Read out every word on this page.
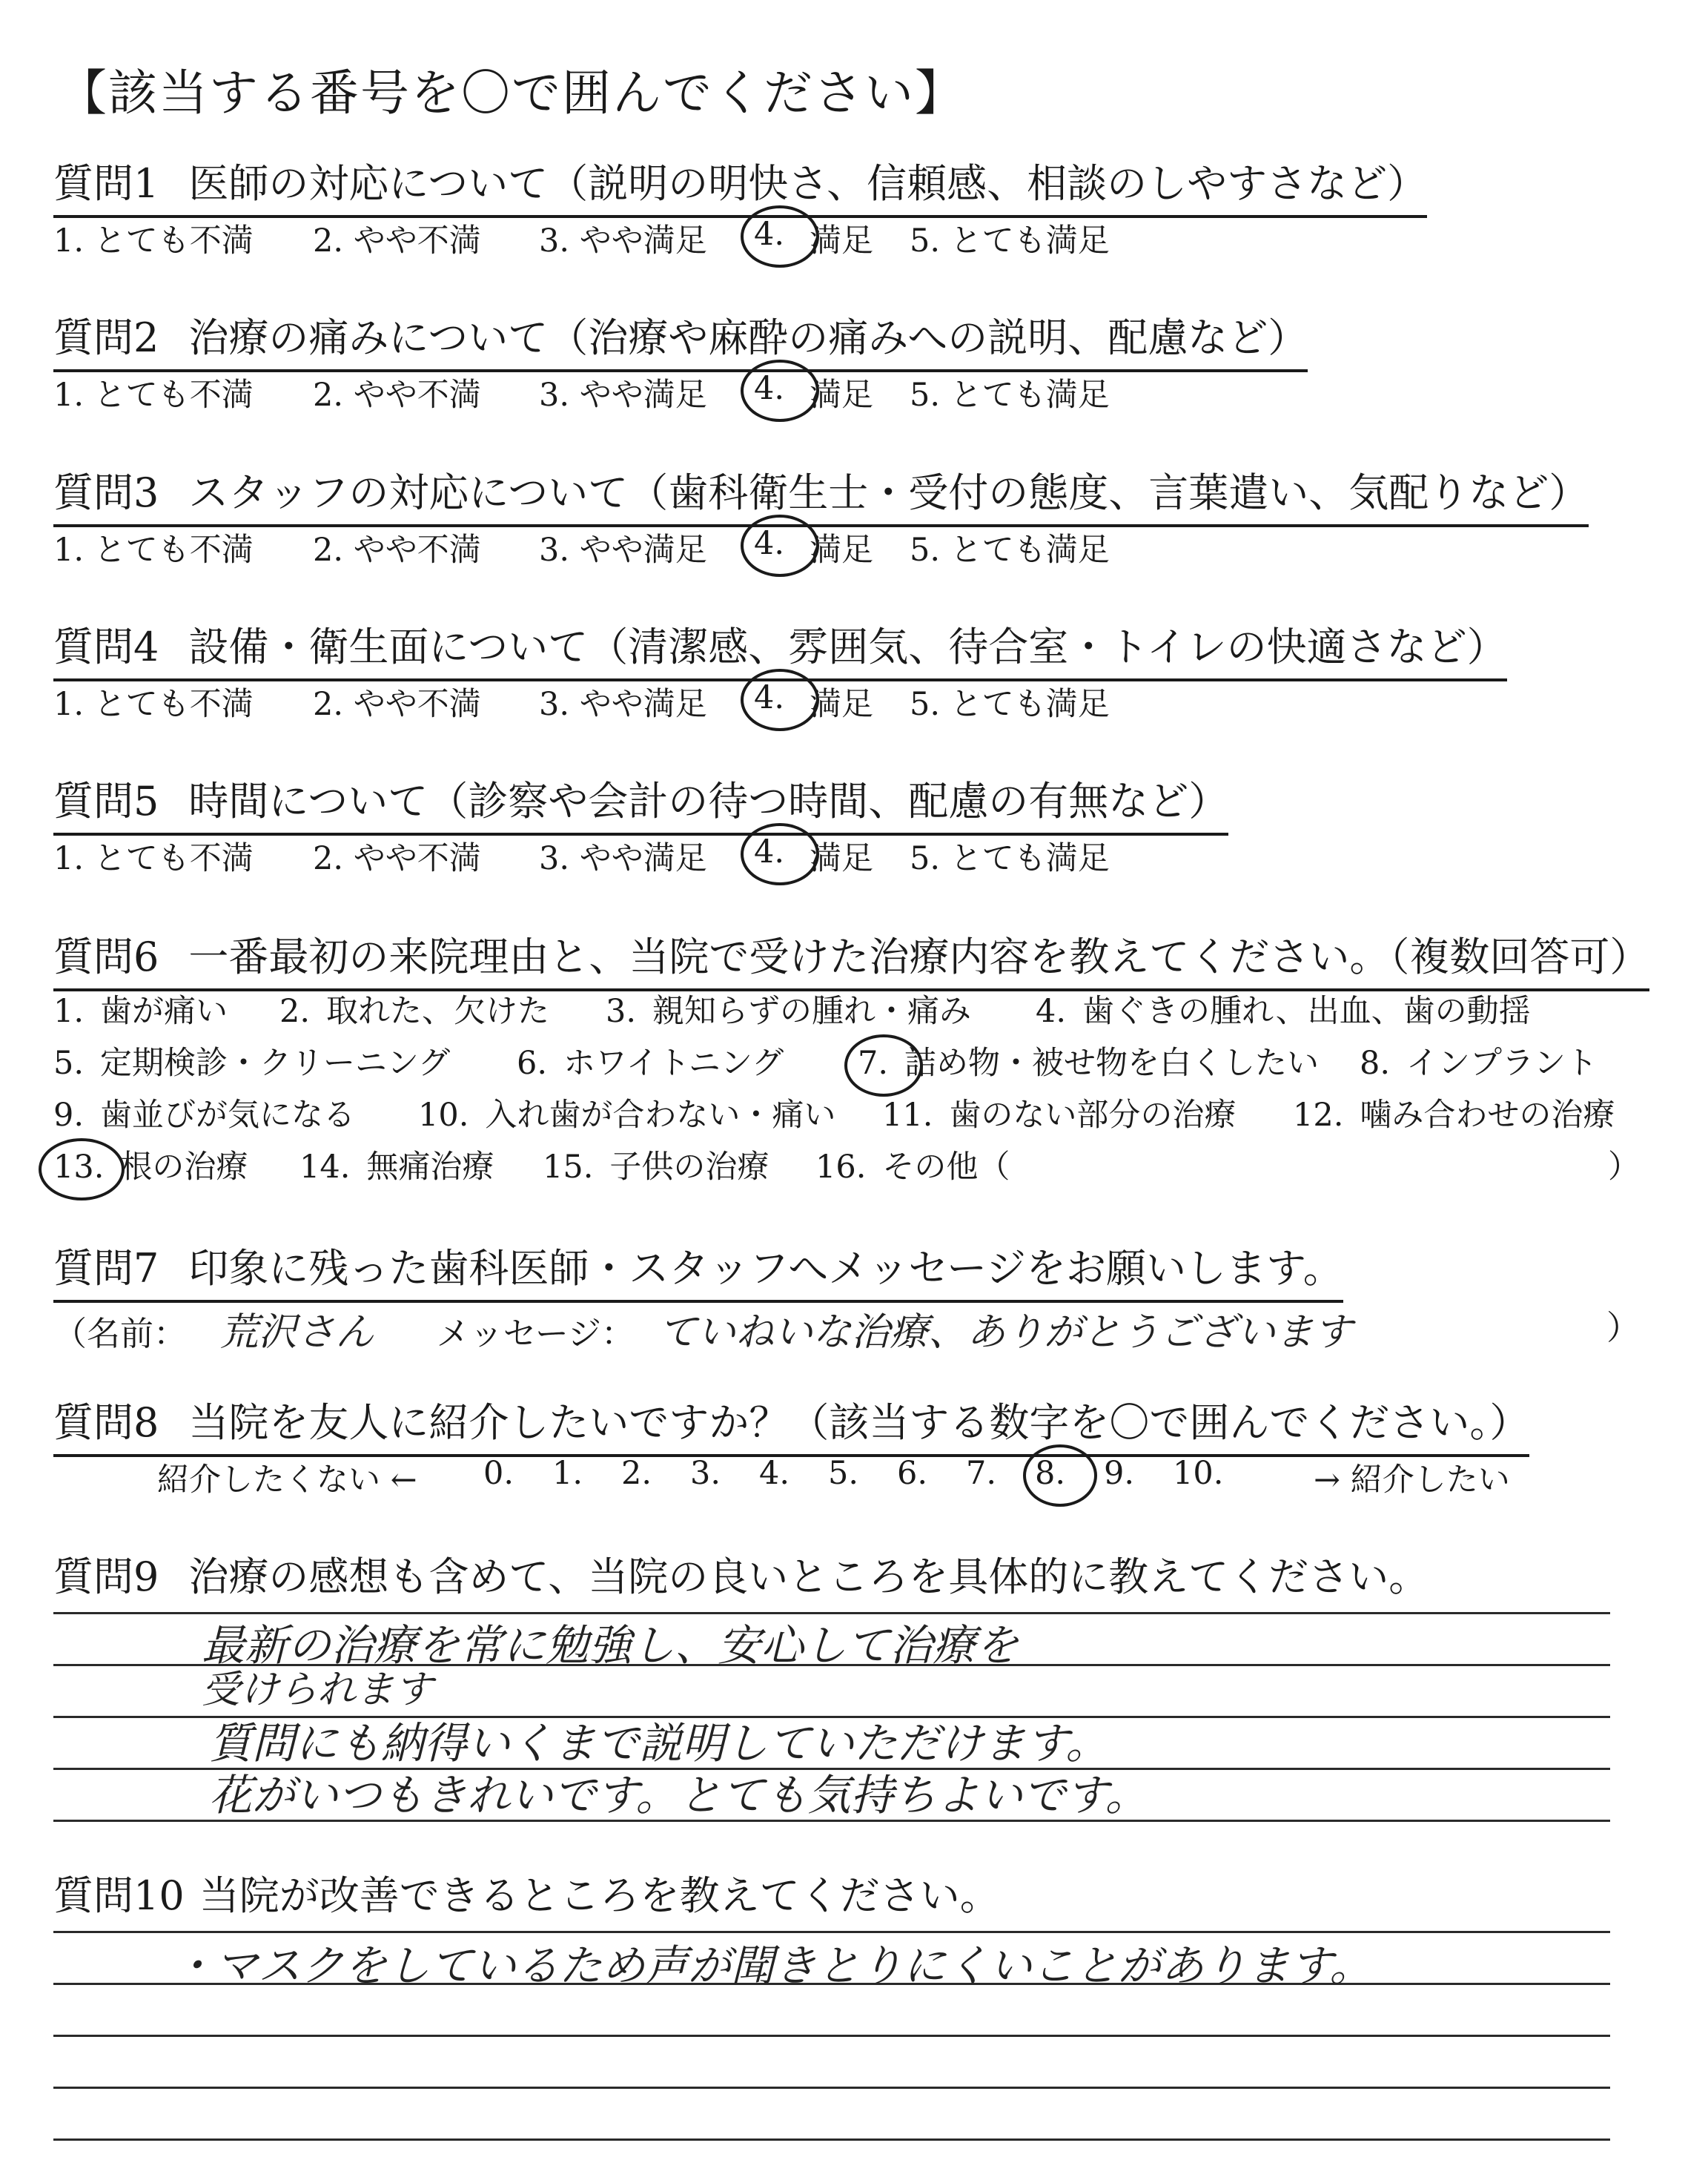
【該当する番号を〇で囲んでください】
質問1 医師の対応について（説明の明快さ、信頼感、相談のしやすさなど）
1. とても不満 2. やや不満 3. やや満足 4. 満足 5. とても満足
質問2 治療の痛みについて（治療や麻酔の痛みへの説明、配慮など）
1. とても不満 2. やや不満 3. やや満足 4. 満足 5. とても満足
質問3 スタッフの対応について（歯科衛生士・受付の態度、言葉遣い、気配りなど）
1. とても不満 2. やや不満 3. やや満足 4. 満足 5. とても満足
質問4 設備・衛生面について（清潔感、雰囲気、待合室・トイレの快適さなど）
1. とても不満 2. やや不満 3. やや満足 4. 満足 5. とても満足
質問5 時間について（診察や会計の待つ時間、配慮の有無など）
1. とても不満 2. やや不満 3. やや満足 4. 満足 5. とても満足
質問6 一番最初の来院理由と、当院で受けた治療内容を教えてください。（複数回答可）
1. 歯が痛い 2. 取れた、欠けた 3. 親知らずの腫れ・痛み 4. 歯ぐきの腫れ、出血、歯の動揺
5. 定期検診・クリーニング 6. ホワイトニング 7. 詰め物・被せ物を白くしたい 8. インプラント
9. 歯並びが気になる 10. 入れ歯が合わない・痛い 11. 歯のない部分の治療 12. 噛み合わせの治療
13. 根の治療 14. 無痛治療 15. 子供の治療 16. その他（	）
質問7 印象に残った歯科医師・スタッフへメッセージをお願いします。
（名前： 荒沢さん メッセージ： ていねいな治療、ありがとうございます	）
質問8 当院を友人に紹介したいですか？（該当する数字を〇で囲んでください。）
紹介したくない ← 0. 1. 2. 3. 4. 5. 6. 7. 8. 9. 10.	→ 紹介したい
質問9 治療の感想も含めて、当院の良いところを具体的に教えてください。
最新の治療を常に勉強し、安心して治療を
受けられます
質問にも納得いくまで説明していただけます。
花がいつもきれいです。とても気持ちよいです。
質問10 当院が改善できるところを教えてください。
・マスクをしているため声が聞きとりにくいことがあります。
